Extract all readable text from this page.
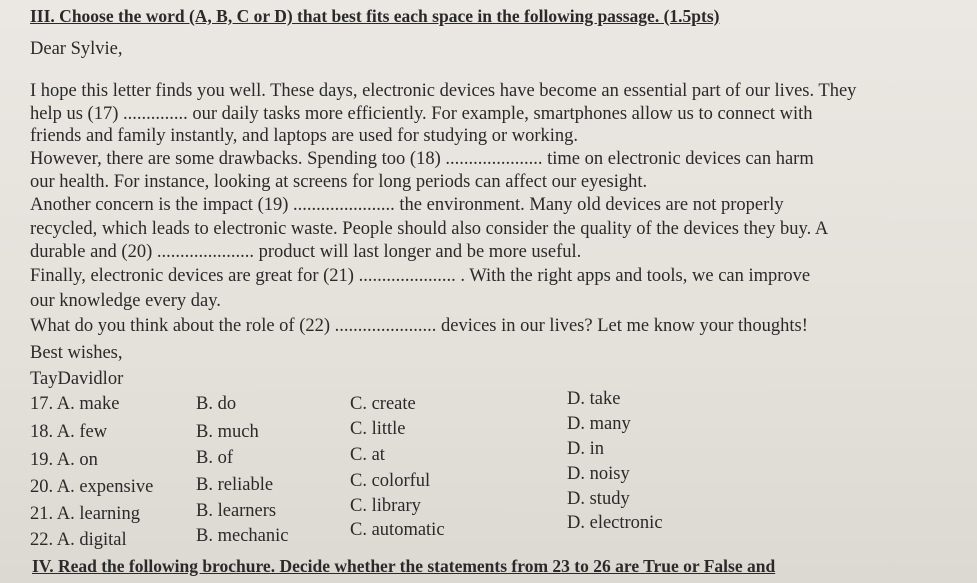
III. Choose the word (A, B, C or D) that best fits each space in the following passage. (1.5pts)
Dear Sylvie,
I hope this letter finds you well. These days, electronic devices have become an essential part of our lives. They
help us (17) .............. our daily tasks more efficiently. For example, smartphones allow us to connect with
friends and family instantly, and laptops are used for studying or working.
However, there are some drawbacks. Spending too (18) ..................... time on electronic devices can harm
our health. For instance, looking at screens for long periods can affect our eyesight.
Another concern is the impact (19) ...................... the environment. Many old devices are not properly
recycled, which leads to electronic waste. People should also consider the quality of the devices they buy. A
durable and (20) ..................... product will last longer and be more useful.
Finally, electronic devices are great for (21) ..................... . With the right apps and tools, we can improve
our knowledge every day.
What do you think about the role of (22) ...................... devices in our lives? Let me know your thoughts!
Best wishes,
TayDavidlor
17. A. make	B. do	C. create	D. take
18. A. few	B. much	C. little	D. many
19. A. on	B. of	C. at	D. in
20. A. expensive B. reliable	C. colorful	D. noisy
21. A. learning	B. learners	C. library	D. study
22. A. digital	B. mechanic	C. automatic	D. electronic
IV. Read the following brochure. Decide whether the statements from 23 to 26 are True or False and
